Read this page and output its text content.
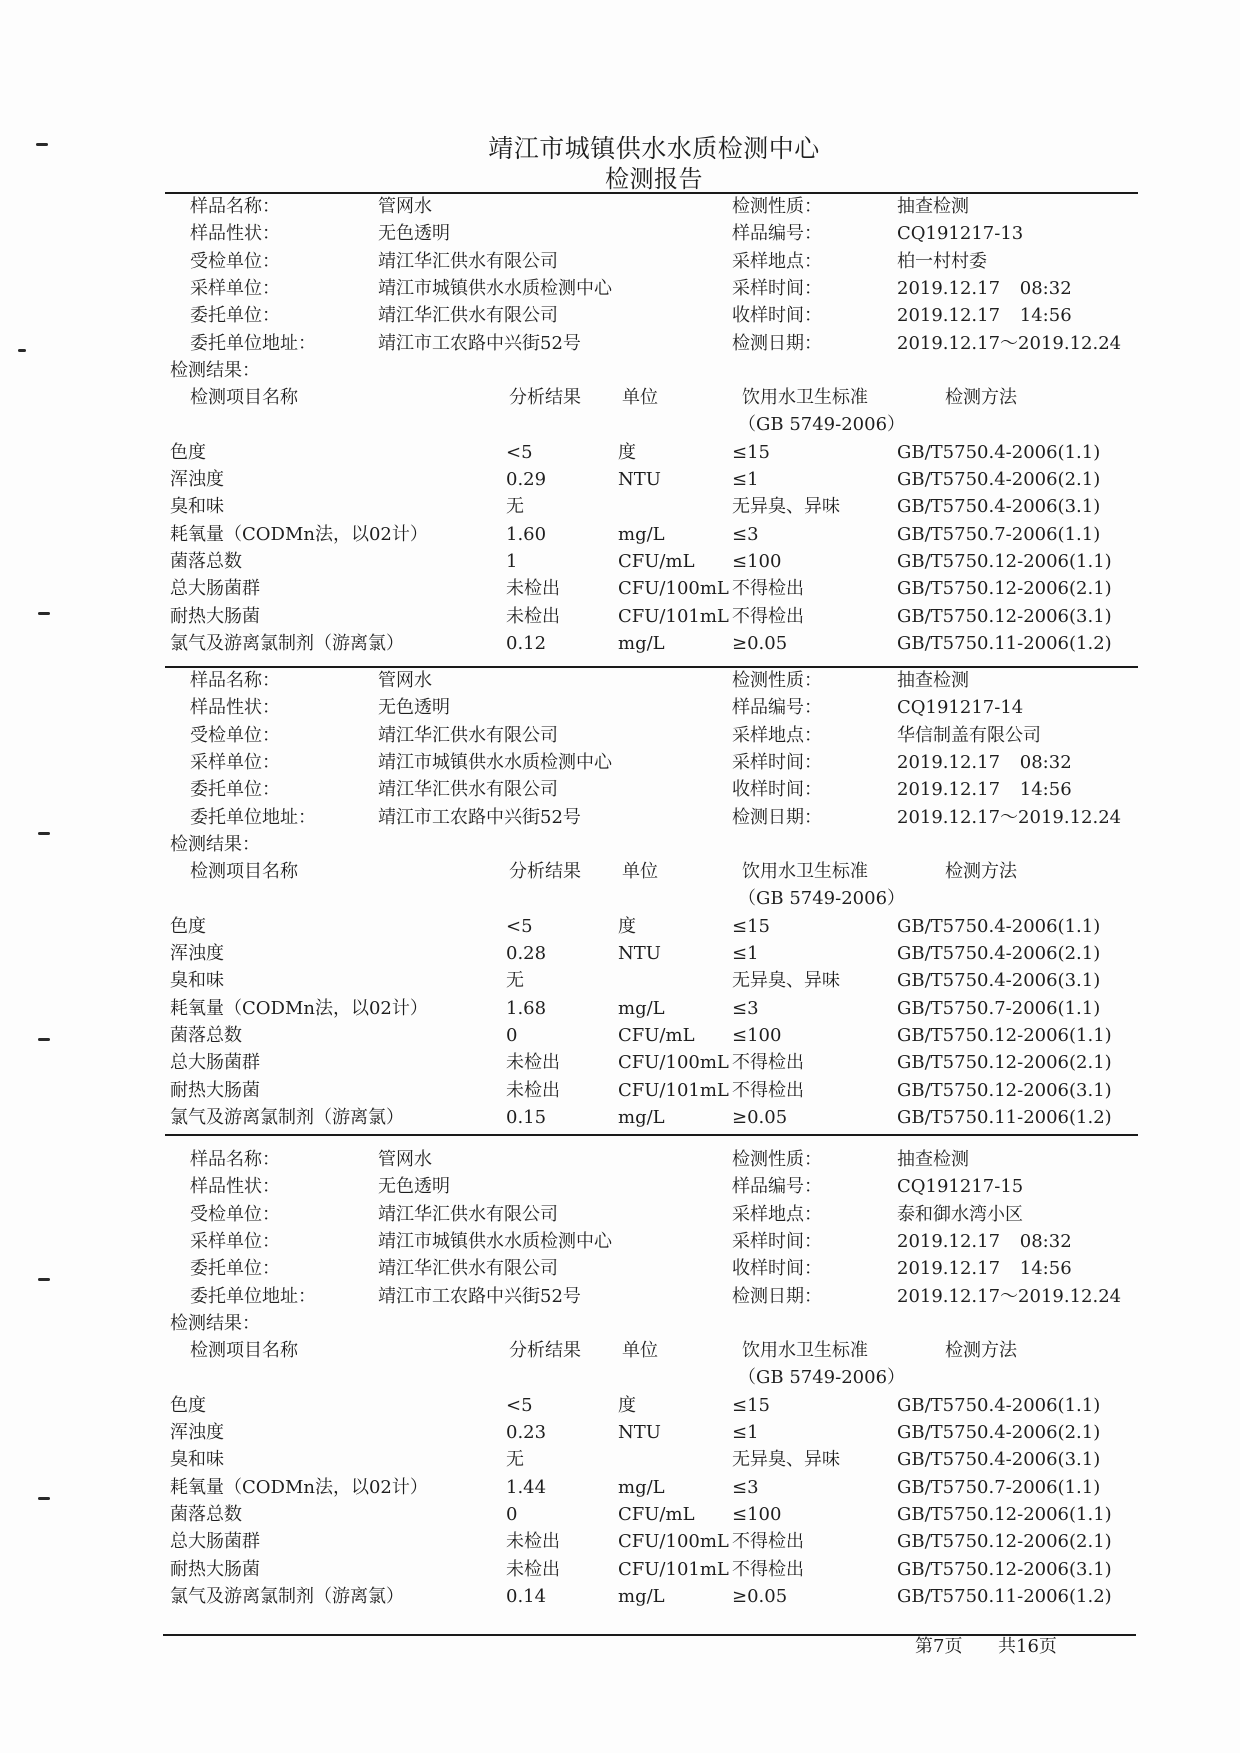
靖江市城镇供水水质检测中心
检测报告
样品名称：	管网水	检测性质：	抽查检测
样品性状：	无色透明	样品编号：	CQ191217-13
受检单位：	靖江华汇供水有限公司	采样地点：	柏一村村委
采样单位：	靖江市城镇供水水质检测中心	采样时间：	2019.12.17 08:32
委托单位：	靖江华汇供水有限公司	收样时间：	2019.12.17 14:56
委托单位地址：	靖江市工农路中兴街52号	检测日期：	2019.12.17～2019.12.24
检测结果：
检测项目名称	分析结果 单位	饮用水卫生标准	检测方法
（GB 5749-2006）
色度	<5	度	≤15	GB/T5750.4-2006(1.1)
浑浊度	0.29	NTU	≤1	GB/T5750.4-2006(2.1)
臭和味	无	无异臭、异味	GB/T5750.4-2006(3.1)
耗氧量（CODMn法，以02计）	1.60	mg/L	≤3	GB/T5750.7-2006(1.1)
菌落总数	1	CFU/mL ≤100	GB/T5750.12-2006(1.1)
总大肠菌群	未检出	CFU/100mL 不得检出	GB/T5750.12-2006(2.1)
耐热大肠菌	未检出	CFU/101mL 不得检出	GB/T5750.12-2006(3.1)
氯气及游离氯制剂（游离氯）	0.12	mg/L	≥0.05	GB/T5750.11-2006(1.2)
样品名称：	管网水	检测性质：	抽查检测
样品性状：	无色透明	样品编号：	CQ191217-14
受检单位：	靖江华汇供水有限公司	采样地点：	华信制盖有限公司
采样单位：	靖江市城镇供水水质检测中心	采样时间：	2019.12.17 08:32
委托单位：	靖江华汇供水有限公司	收样时间：	2019.12.17 14:56
委托单位地址：	靖江市工农路中兴街52号	检测日期：	2019.12.17～2019.12.24
检测结果：
检测项目名称	分析结果 单位	饮用水卫生标准	检测方法
（GB 5749-2006）
色度	<5	度	≤15	GB/T5750.4-2006(1.1)
浑浊度	0.28	NTU	≤1	GB/T5750.4-2006(2.1)
臭和味	无	无异臭、异味	GB/T5750.4-2006(3.1)
耗氧量（CODMn法，以02计）	1.68	mg/L	≤3	GB/T5750.7-2006(1.1)
菌落总数	0	CFU/mL ≤100	GB/T5750.12-2006(1.1)
总大肠菌群	未检出	CFU/100mL 不得检出	GB/T5750.12-2006(2.1)
耐热大肠菌	未检出	CFU/101mL 不得检出	GB/T5750.12-2006(3.1)
氯气及游离氯制剂（游离氯）	0.15	mg/L	≥0.05	GB/T5750.11-2006(1.2)
样品名称：	管网水	检测性质：	抽查检测
样品性状：	无色透明	样品编号：	CQ191217-15
受检单位：	靖江华汇供水有限公司	采样地点：	泰和御水湾小区
采样单位：	靖江市城镇供水水质检测中心	采样时间：	2019.12.17 08:32
委托单位：	靖江华汇供水有限公司	收样时间：	2019.12.17 14:56
委托单位地址：	靖江市工农路中兴街52号	检测日期：	2019.12.17～2019.12.24
检测结果：
检测项目名称	分析结果 单位	饮用水卫生标准	检测方法
（GB 5749-2006）
色度	<5	度	≤15	GB/T5750.4-2006(1.1)
浑浊度	0.23	NTU	≤1	GB/T5750.4-2006(2.1)
臭和味	无	无异臭、异味	GB/T5750.4-2006(3.1)
耗氧量（CODMn法，以02计）	1.44	mg/L	≤3	GB/T5750.7-2006(1.1)
菌落总数	0	CFU/mL ≤100	GB/T5750.12-2006(1.1)
总大肠菌群	未检出	CFU/100mL 不得检出	GB/T5750.12-2006(2.1)
耐热大肠菌	未检出	CFU/101mL 不得检出	GB/T5750.12-2006(3.1)
氯气及游离氯制剂（游离氯）	0.14	mg/L	≥0.05	GB/T5750.11-2006(1.2)
第7页 共16页
